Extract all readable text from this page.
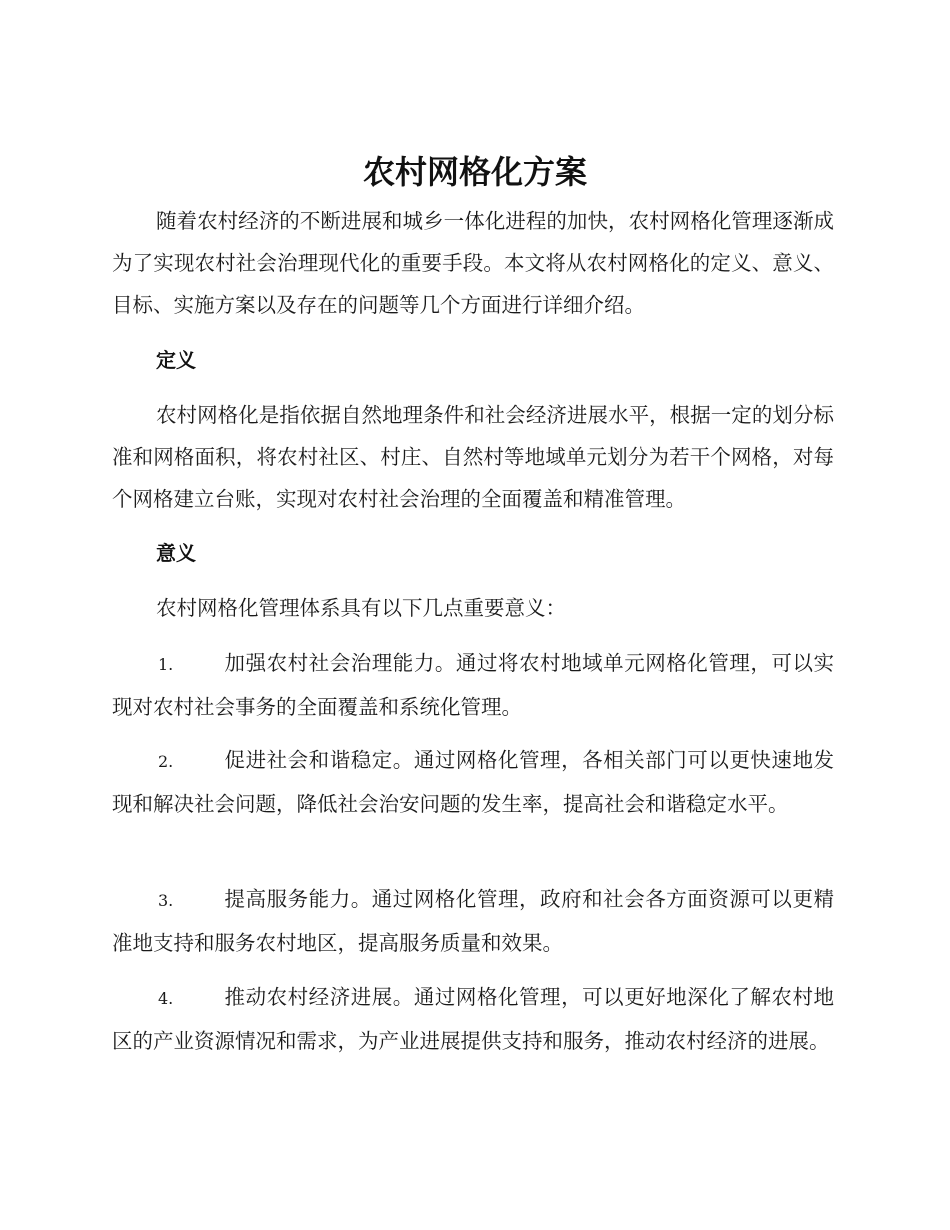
农村网格化方案
随着农村经济的不断进展和城乡一体化进程的加快，农村网格化管理逐渐成为了实现农村社会治理现代化的重要手段。本文将从农村网格化的定义、意义、目标、实施方案以及存在的问题等几个方面进行详细介绍。
定义
农村网格化是指依据自然地理条件和社会经济进展水平，根据一定的划分标准和网格面积，将农村社区、村庄、自然村等地域单元划分为若干个网格，对每个网格建立台账，实现对农村社会治理的全面覆盖和精准管理。
意义
农村网格化管理体系具有以下几点重要意义：
1. 加强农村社会治理能力。通过将农村地域单元网格化管理，可以实现对农村社会事务的全面覆盖和系统化管理。
2. 促进社会和谐稳定。通过网格化管理，各相关部门可以更快速地发现和解决社会问题，降低社会治安问题的发生率，提高社会和谐稳定水平。
3. 提高服务能力。通过网格化管理，政府和社会各方面资源可以更精准地支持和服务农村地区，提高服务质量和效果。
4. 推动农村经济进展。通过网格化管理，可以更好地深化了解农村地区的产业资源情况和需求，为产业进展提供支持和服务，推动农村经济的进展。
